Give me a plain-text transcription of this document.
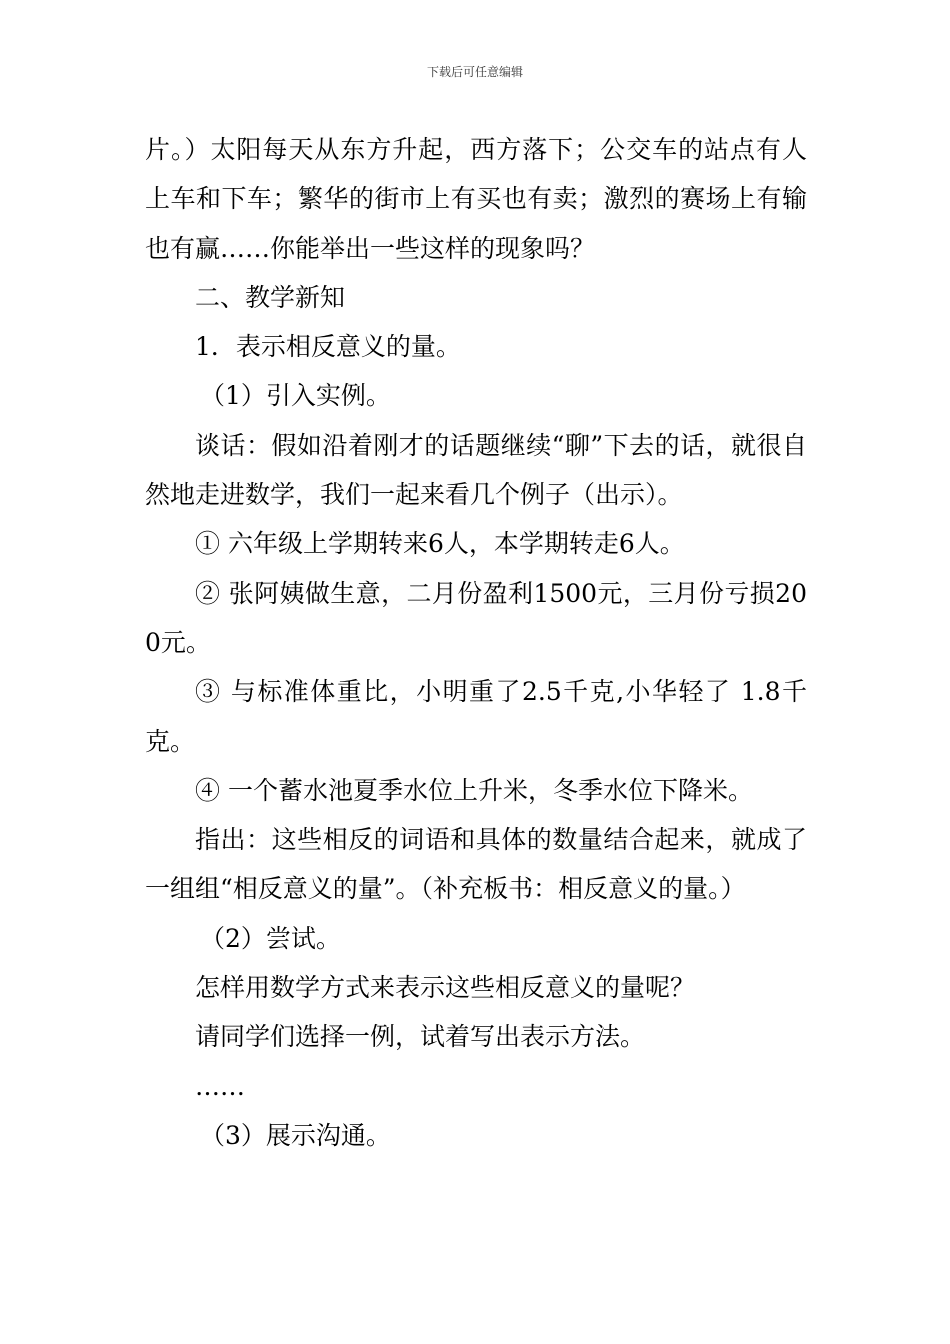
下载后可任意编辑

片。）太阳每天从东方升起，西方落下；公交车的站点有人上车和下车；繁华的街市上有买也有卖；激烈的赛场上有输也有赢……你能举出一些这样的现象吗？

二、教学新知

1．表示相反意义的量。

（1）引入实例。

谈话：假如沿着刚才的话题继续“聊”下去的话，就很自然地走进数学，我们一起来看几个例子（出示）。

① 六年级上学期转来6人，本学期转走6人。

② 张阿姨做生意，二月份盈利1500元，三月份亏损200元。

③ 与标准体重比，小明重了2.5千克,小华轻了 1.8千克。

④ 一个蓄水池夏季水位上升米，冬季水位下降米。

指出：这些相反的词语和具体的数量结合起来，就成了一组组“相反意义的量”。（补充板书：相反意义的量。）

（2）尝试。

怎样用数学方式来表示这些相反意义的量呢？

请同学们选择一例，试着写出表示方法。

……

（3）展示沟通。
